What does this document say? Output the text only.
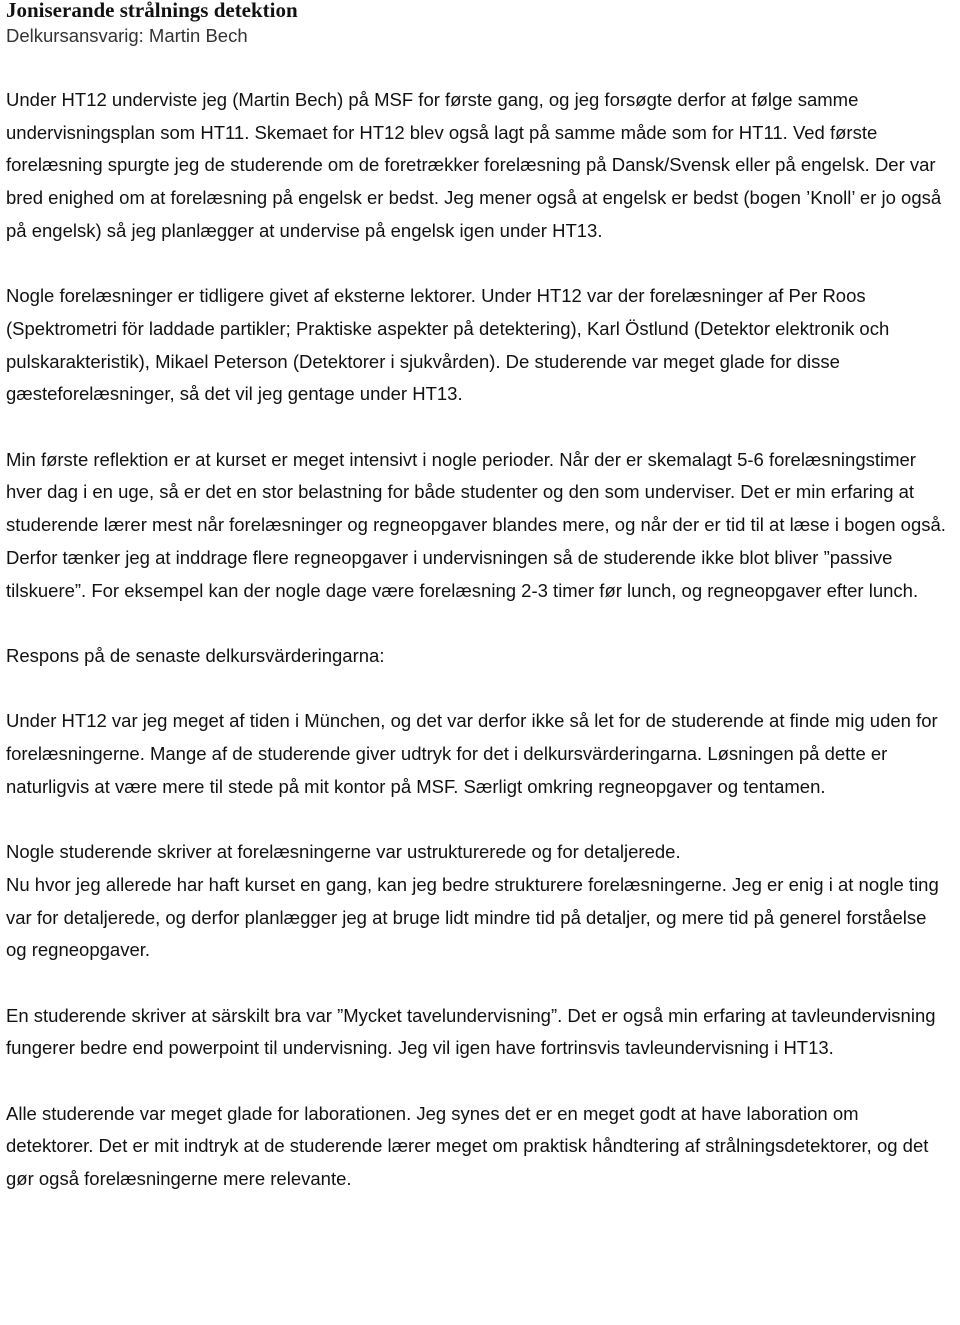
Joniserande strålnings detektion
Delkursansvarig: Martin Bech

Under HT12 underviste jeg (Martin Bech) på MSF for første gang, og jeg forsøgte derfor at følge samme undervisningsplan som HT11. Skemaet for HT12 blev også lagt på samme måde som for HT11. Ved første forelæsning spurgte jeg de studerende om de foretrækker forelæsning på Dansk/Svensk eller på engelsk. Der var bred enighed om at forelæsning på engelsk er bedst. Jeg mener også at engelsk er bedst (bogen ’Knoll’ er jo også på engelsk) så jeg planlægger at undervise på engelsk igen under HT13.

Nogle forelæsninger er tidligere givet af eksterne lektorer. Under HT12 var der forelæsninger af Per Roos (Spektrometri för laddade partikler; Praktiske aspekter på detektering), Karl Östlund (Detektor elektronik och pulskarakteristik), Mikael Peterson (Detektorer i sjukvården). De studerende var meget glade for disse gæsteforelæsninger, så det vil jeg gentage under HT13.

Min første reflektion er at kurset er meget intensivt i nogle perioder. Når der er skemalagt 5-6 forelæsningstimer hver dag i en uge, så er det en stor belastning for både studenter og den som underviser. Det er min erfaring at studerende lærer mest når forelæsninger og regneopgaver blandes mere, og når der er tid til at læse i bogen også. Derfor tænker jeg at inddrage flere regneopgaver i undervisningen så de studerende ikke blot bliver ”passive tilskuere”. For eksempel kan der nogle dage være forelæsning 2-3 timer før lunch, og regneopgaver efter lunch.

Respons på de senaste delkursvärderingarna:

Under HT12 var jeg meget af tiden i München, og det var derfor ikke så let for de studerende at finde mig uden for forelæsningerne. Mange af de studerende giver udtryk for det i delkursvärderingarna. Løsningen på dette er naturligvis at være mere til stede på mit kontor på MSF. Særligt omkring regneopgaver og tentamen.

Nogle studerende skriver at forelæsningerne var ustrukturerede og for detaljerede.

Nu hvor jeg allerede har haft kurset en gang, kan jeg bedre strukturere forelæsningerne. Jeg er enig i at nogle ting var for detaljerede, og derfor planlægger jeg at bruge lidt mindre tid på detaljer, og mere tid på generel forståelse og regneopgaver.

En studerende skriver at särskilt bra var ”Mycket tavelundervisning”. Det er også min erfaring at tavleundervisning fungerer bedre end powerpoint til undervisning. Jeg vil igen have fortrinsvis tavleundervisning i HT13.

Alle studerende var meget glade for laborationen. Jeg synes det er en meget godt at have laboration om detektorer. Det er mit indtryk at de studerende lærer meget om praktisk håndtering af strålningsdetektorer, og det gør også forelæsningerne mere relevante.
